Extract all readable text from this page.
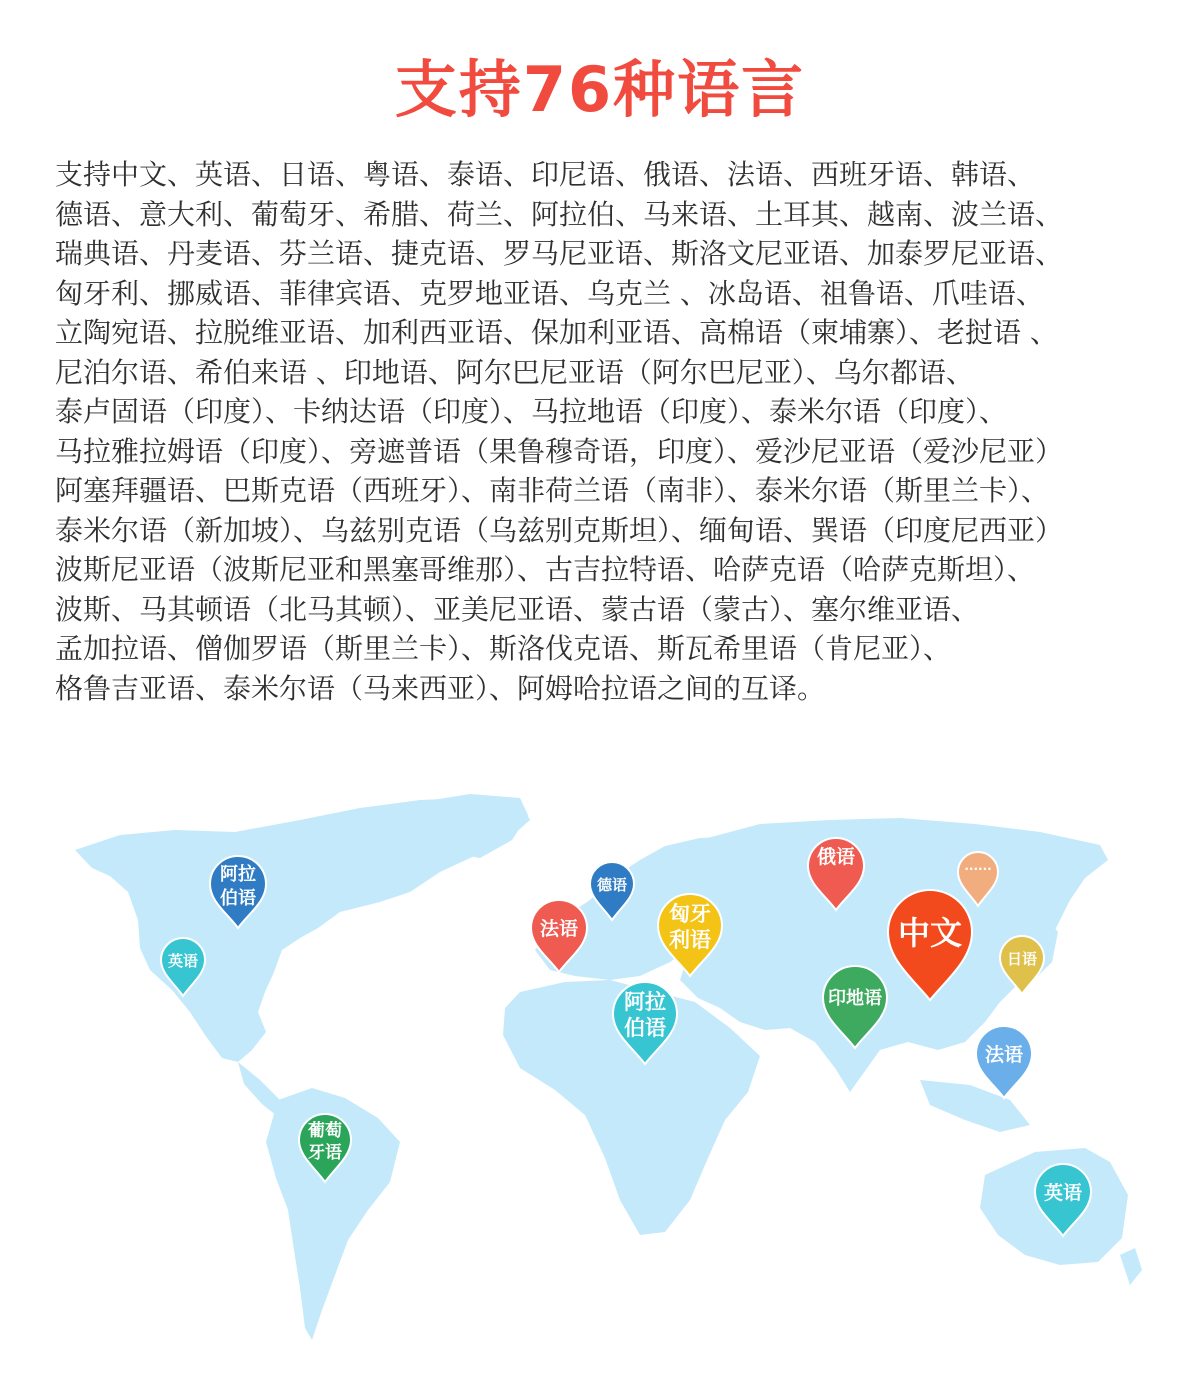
支持76种语言
支持中文、英语、日语、粤语、泰语、印尼语、俄语、法语、西班牙语、韩语、
德语、意大利、葡萄牙、希腊、荷兰、阿拉伯、马来语、土耳其、越南、波兰语、
瑞典语、丹麦语、芬兰语、捷克语、罗马尼亚语、斯洛文尼亚语、加泰罗尼亚语、
匈牙利、挪威语、菲律宾语、克罗地亚语、乌克兰 、冰岛语、祖鲁语、爪哇语、
立陶宛语、拉脱维亚语、加利西亚语、保加利亚语、高棉语（柬埔寨）、老挝语 、
尼泊尔语、希伯来语 、印地语、阿尔巴尼亚语（阿尔巴尼亚）、乌尔都语、
泰卢固语（印度）、卡纳达语（印度）、马拉地语（印度）、泰米尔语（印度）、
马拉雅拉姆语（印度）、旁遮普语（果鲁穆奇语，印度）、爱沙尼亚语（爱沙尼亚）
阿塞拜疆语、巴斯克语（西班牙）、南非荷兰语（南非）、泰米尔语（斯里兰卡）、
泰米尔语（新加坡）、乌兹别克语（乌兹别克斯坦）、缅甸语、巽语（印度尼西亚）
波斯尼亚语（波斯尼亚和黑塞哥维那）、古吉拉特语、哈萨克语（哈萨克斯坦）、
波斯、马其顿语（北马其顿）、亚美尼亚语、蒙古语（蒙古）、塞尔维亚语、
孟加拉语、僧伽罗语（斯里兰卡）、斯洛伐克语、斯瓦希里语（肯尼亚）、
格鲁吉亚语、泰米尔语（马来西亚）、阿姆哈拉语之间的互译。
阿拉
伯语
英语
葡萄
牙语
法语
德语
匈牙
利语
阿拉
伯语
俄语	......
中文
日语
印地语
法语
英语
